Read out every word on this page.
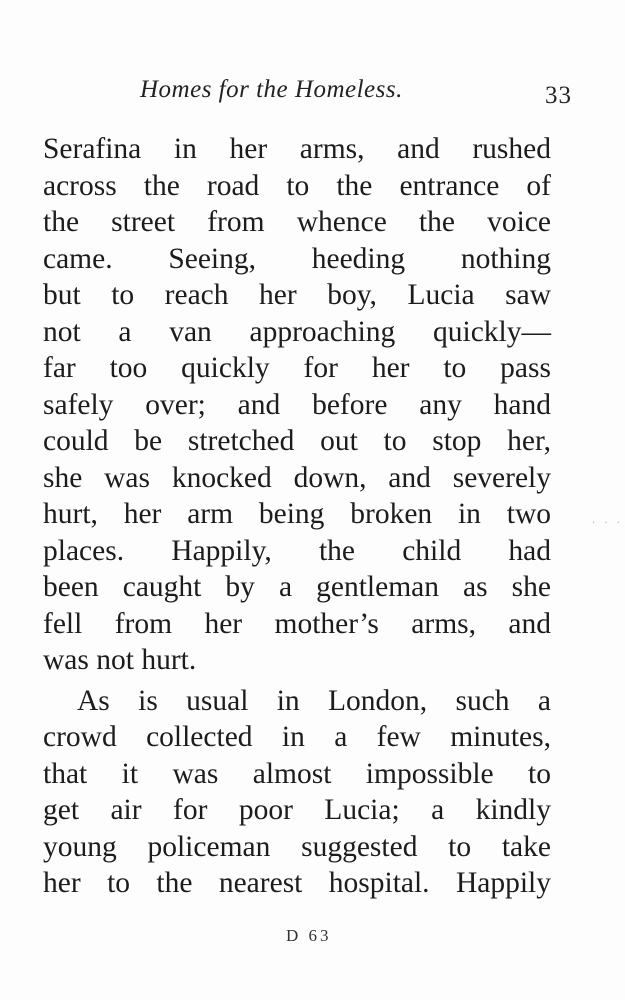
Homes for the Homeless.	33
Serafina in her arms, and rushed
across the road to the entrance of
the street from whence the voice
came. Seeing, heeding nothing
but to reach her boy, Lucia saw
not a van approaching quickly—
far too quickly for her to pass
safely over; and before any hand
could be stretched out to stop her,
she was knocked down, and severely
hurt, her arm being broken in two
places. Happily, the child had
been caught by a gentleman as she
fell from her mother’s arms, and
was not hurt.
As is usual in London, such a
crowd collected in a few minutes,
that it was almost impossible to
get air for poor Lucia; a kindly
young policeman suggested to take
her to the nearest hospital. Happily
· · ·
D 63
